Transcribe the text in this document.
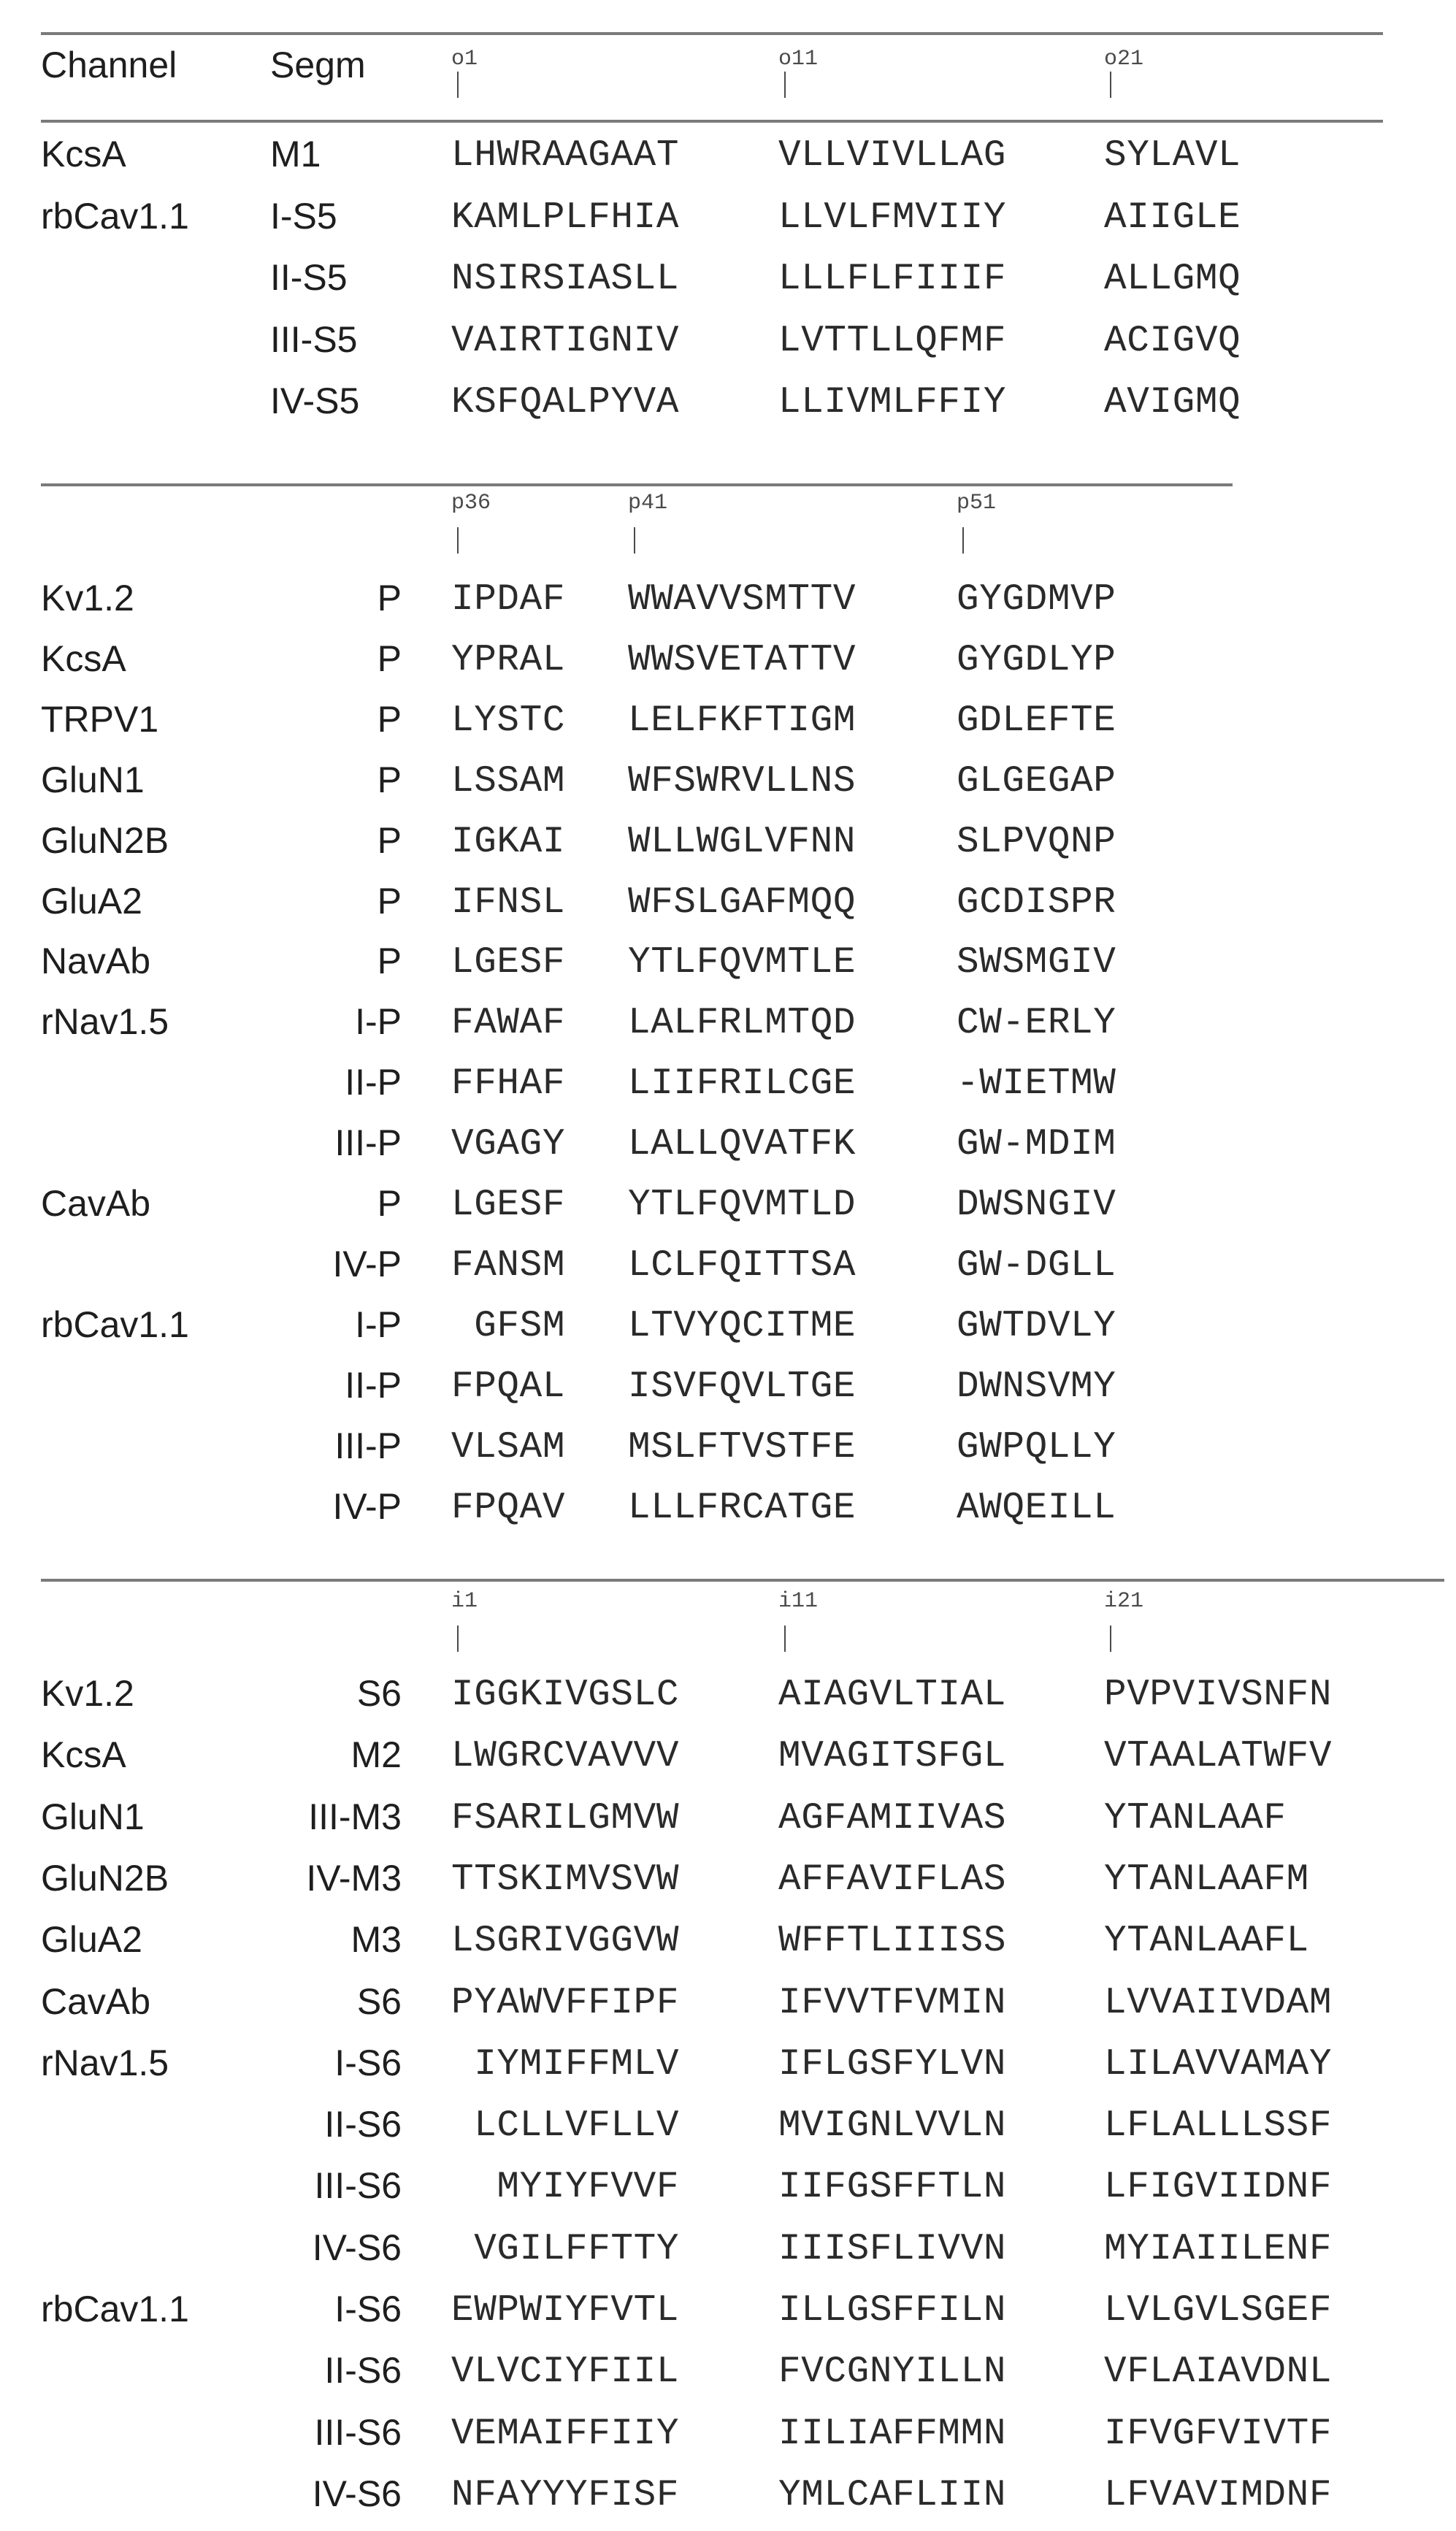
Channel	Segm	o1	o11	o21
KcsA	M1	LHWRAAGAAT	VLLVIVLLAG	SYLAVL
rbCav1.1 I-S5	KAMLPLFHIA	LLVLFMVIIY	AIIGLE
II-S5	NSIRSIASLL	LLLFLFIIIF	ALLGMQ
III-S5	VAIRTIGNIV	LVTTLLQFMF	ACIGVQ
IV-S5 KSFQALPYVA	LLIVMLFFIY	AVIGMQ
p36	p41	p51
Kv1.2	P IPDAF WWAVVSMTTV	GYGDMVP
KcsA	P YPRAL WWSVETATTV	GYGDLYP
TRPV1	P LYSTC LELFKFTIGM	GDLEFTE
GluN1	P LSSAM WFSWRVLLNS	GLGEGAP
GluN2B	P IGKAI WLLWGLVFNN	SLPVQNP
GluA2	P IFNSL WFSLGAFMQQ	GCDISPR
NavAb	P LGESF YTLFQVMTLE	SWSMGIV
rNav1.5	I-P FAWAF LALFRLMTQD	CW-ERLY
II-P FFHAF LIIFRILCGE	-WIETMW
III-P VGAGY LALLQVATFK	GW-MDIM
CavAb	P LGESF YTLFQVMTLD	DWSNGIV
IV-P FANSM LCLFQITTSA	GW-DGLL
rbCav1.1	I-P GFSM LTVYQCITME	GWTDVLY
II-P FPQAL ISVFQVLTGE	DWNSVMY
III-P VLSAM MSLFTVSTFE	GWPQLLY
IV-P FPQAV LLLFRCATGE	AWQEILL
i1	i11	i21
Kv1.2	S6 IGGKIVGSLC	AIAGVLTIAL	PVPVIVSNFN
KcsA	M2 LWGRCVAVVV	MVAGITSFGL	VTAALATWFV
GluN1	III-M3 FSARILGMVW	AGFAMIIVAS	YTANLAAF
GluN2B	IV-M3 TTSKIMVSVW	AFFAVIFLAS	YTANLAAFM
GluA2	M3 LSGRIVGGVW	WFFTLIIISS	YTANLAAFL
CavAb	S6 PYAWVFFIPF	IFVVTFVMIN	LVVAIIVDAM
rNav1.5	I-S6 IYMIFFMLV	IFLGSFYLVN	LILAVVAMAY
II-S6 LCLLVFLLV	MVIGNLVVLN	LFLALLLSSF
III-S6 MYIYFVVF	IIFGSFFTLN	LFIGVIIDNF
IV-S6 VGILFFTTY	IIISFLIVVN	MYIAIILENF
rbCav1.1	I-S6 EWPWIYFVTL	ILLGSFFILN	LVLGVLSGEF
II-S6 VLVCIYFIIL	FVCGNYILLN	VFLAIAVDNL
III-S6 VEMAIFFIIY	IILIAFFMMN	IFVGFVIVTF
IV-S6 NFAYYYFISF	YMLCAFLIIN	LFVAVIMDNF
